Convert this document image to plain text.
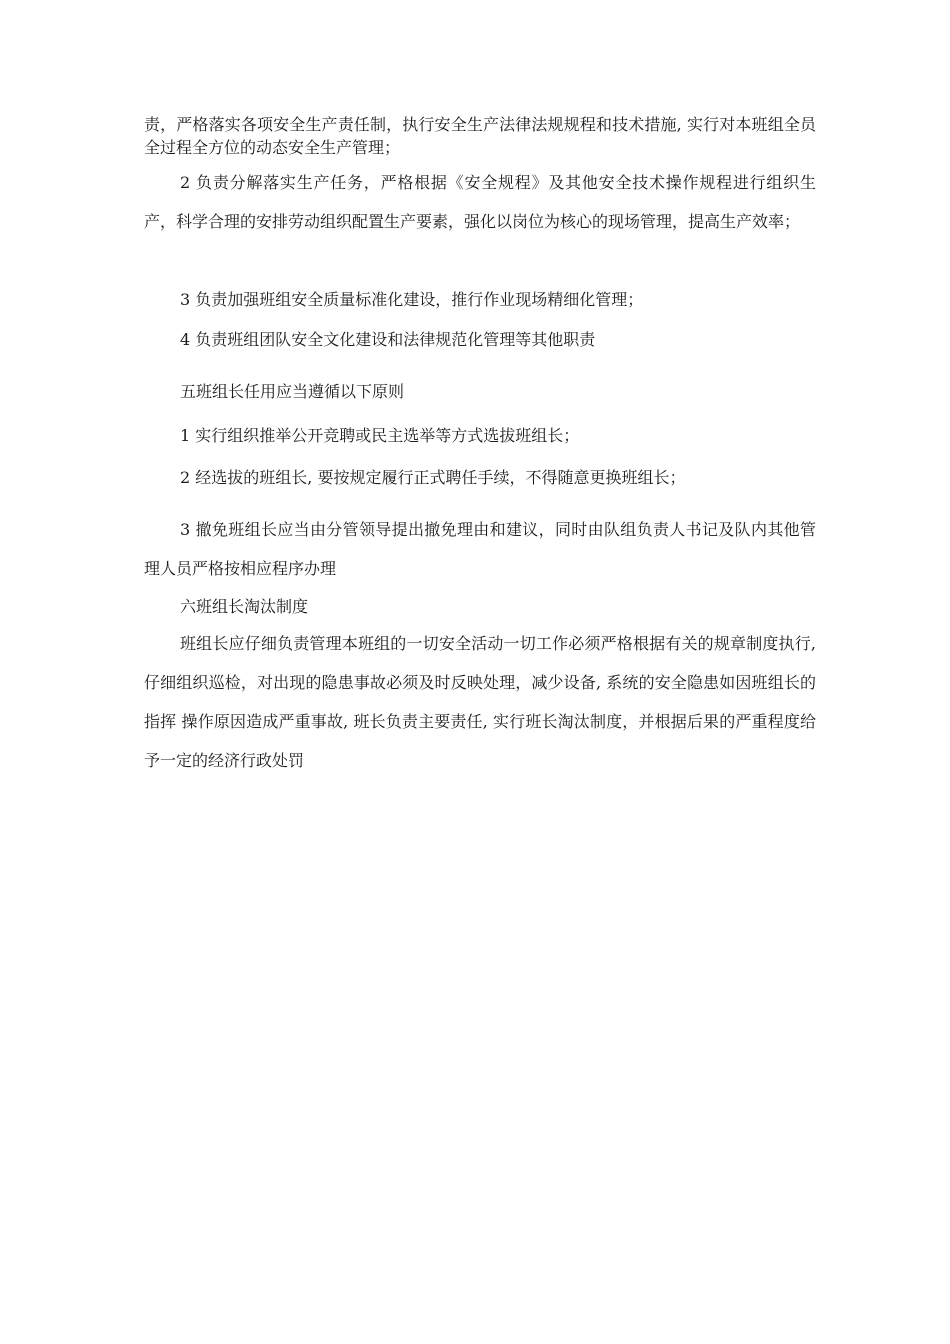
责，严格落实各项安全生产责任制，执行安全生产法律法规规程和技术措施, 实行对本班组全员全过程全方位的动态安全生产管理；

2 负责分解落实生产任务，严格根据《安全规程》及其他安全技术操作规程进行组织生产，科学合理的安排劳动组织配置生产要素，强化以岗位为核心的现场管理，提高生产效率；

3 负责加强班组安全质量标准化建设，推行作业现场精细化管理；

4 负责班组团队安全文化建设和法律规范化管理等其他职责

五班组长任用应当遵循以下原则

1 实行组织推举公开竞聘或民主选举等方式选拔班组长；

2 经选拔的班组长, 要按规定履行正式聘任手续，不得随意更换班组长；

3 撤免班组长应当由分管领导提出撤免理由和建议，同时由队组负责人书记及队内其他管理人员严格按相应程序办理

六班组长淘汰制度

班组长应仔细负责管理本班组的一切安全活动一切工作必须严格根据有关的规章制度执行, 仔细组织巡检，对出现的隐患事故必须及时反映处理，减少设备, 系统的安全隐患如因班组长的指挥 操作原因造成严重事故, 班长负责主要责任, 实行班长淘汰制度，并根据后果的严重程度给予一定的经济行政处罚
